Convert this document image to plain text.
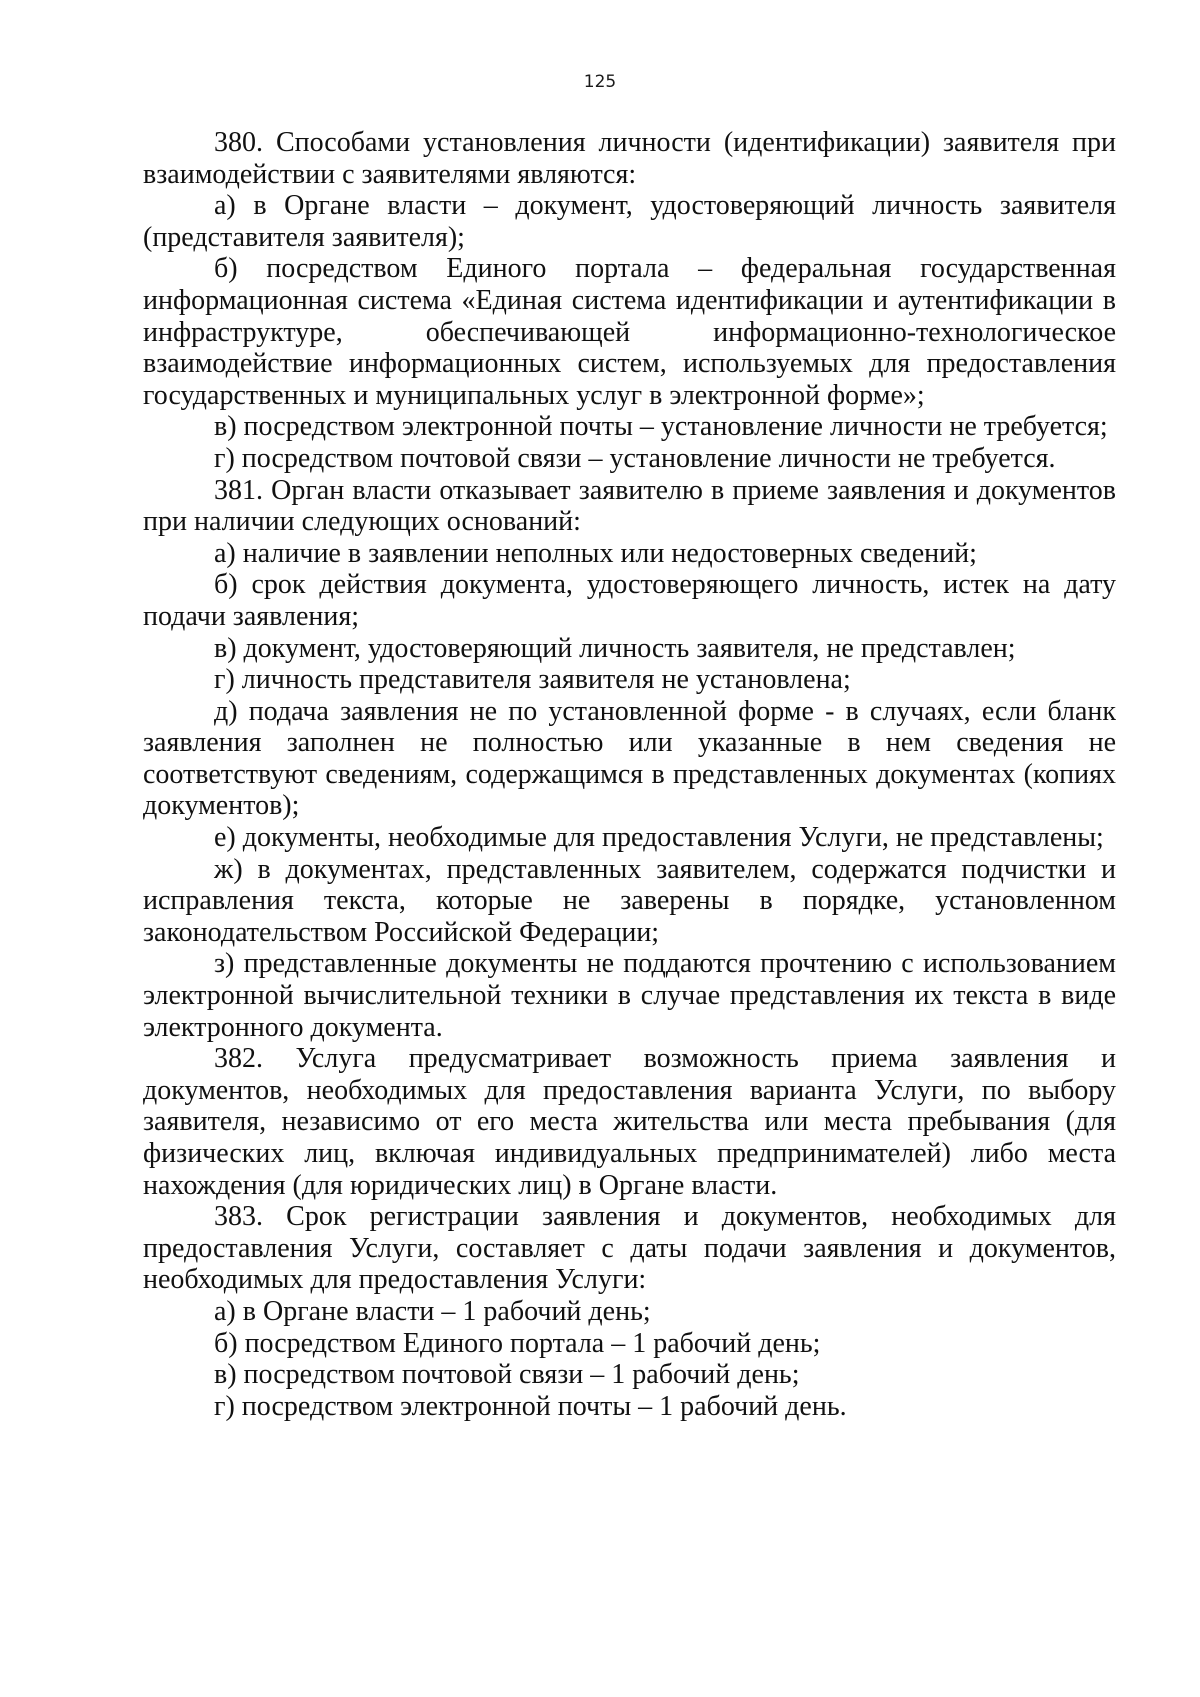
125

380. Способами установления личности (идентификации) заявителя при взаимодействии с заявителями являются:

а) в Органе власти – документ, удостоверяющий личность заявителя (представителя заявителя);

б) посредством Единого портала – федеральная государственная информационная система «Единая система идентификации и аутентификации в инфраструктуре, обеспечивающей информационно-технологическое взаимодействие информационных систем, используемых для предоставления государственных и муниципальных услуг в электронной форме»;

в) посредством электронной почты – установление личности не требуется;

г) посредством почтовой связи – установление личности не требуется.

381. Орган власти отказывает заявителю в приеме заявления и документов при наличии следующих оснований:

а) наличие в заявлении неполных или недостоверных сведений;

б) срок действия документа, удостоверяющего личность, истек на дату подачи заявления;

в) документ, удостоверяющий личность заявителя, не представлен;

г) личность представителя заявителя не установлена;

д) подача заявления не по установленной форме - в случаях, если бланк заявления заполнен не полностью или указанные в нем сведения не соответствуют сведениям, содержащимся в представленных документах (копиях документов);

е) документы, необходимые для предоставления Услуги, не представлены;

ж) в документах, представленных заявителем, содержатся подчистки и исправления текста, которые не заверены в порядке, установленном законодательством Российской Федерации;

з) представленные документы не поддаются прочтению с использованием электронной вычислительной техники в случае представления их текста в виде электронного документа.

382. Услуга предусматривает возможность приема заявления и документов, необходимых для предоставления варианта Услуги, по выбору заявителя, независимо от его места жительства или места пребывания (для физических лиц, включая индивидуальных предпринимателей) либо места нахождения (для юридических лиц) в Органе власти.

383. Срок регистрации заявления и документов, необходимых для предоставления Услуги, составляет с даты подачи заявления и документов, необходимых для предоставления Услуги:

а) в Органе власти – 1 рабочий день;

б) посредством Единого портала – 1 рабочий день;

в) посредством почтовой связи – 1 рабочий день;

г) посредством электронной почты – 1 рабочий день.
